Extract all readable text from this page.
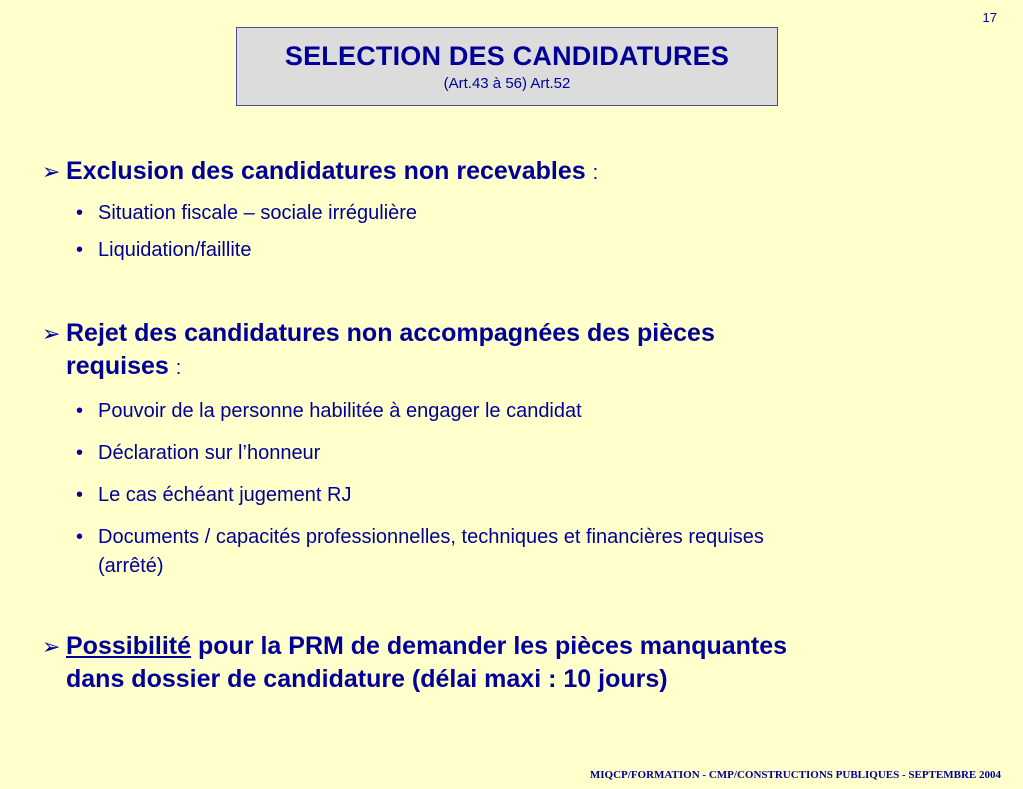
17
SELECTION DES CANDIDATURES
(Art.43 à 56) Art.52
➢ Exclusion des candidatures non recevables :
• Situation fiscale – sociale irrégulière
• Liquidation/faillite
➢ Rejet des candidatures non accompagnées des pièces
requises :
• Pouvoir de la personne habilitée à engager le candidat
• Déclaration sur l’honneur
• Le cas échéant jugement RJ
• Documents / capacités professionnelles, techniques et financières requises
(arrêté)
➢ Possibilité pour la PRM de demander les pièces manquantes
dans dossier de candidature (délai maxi : 10 jours)
MIQCP/FORMATION - CMP/CONSTRUCTIONS PUBLIQUES - SEPTEMBRE 2004
